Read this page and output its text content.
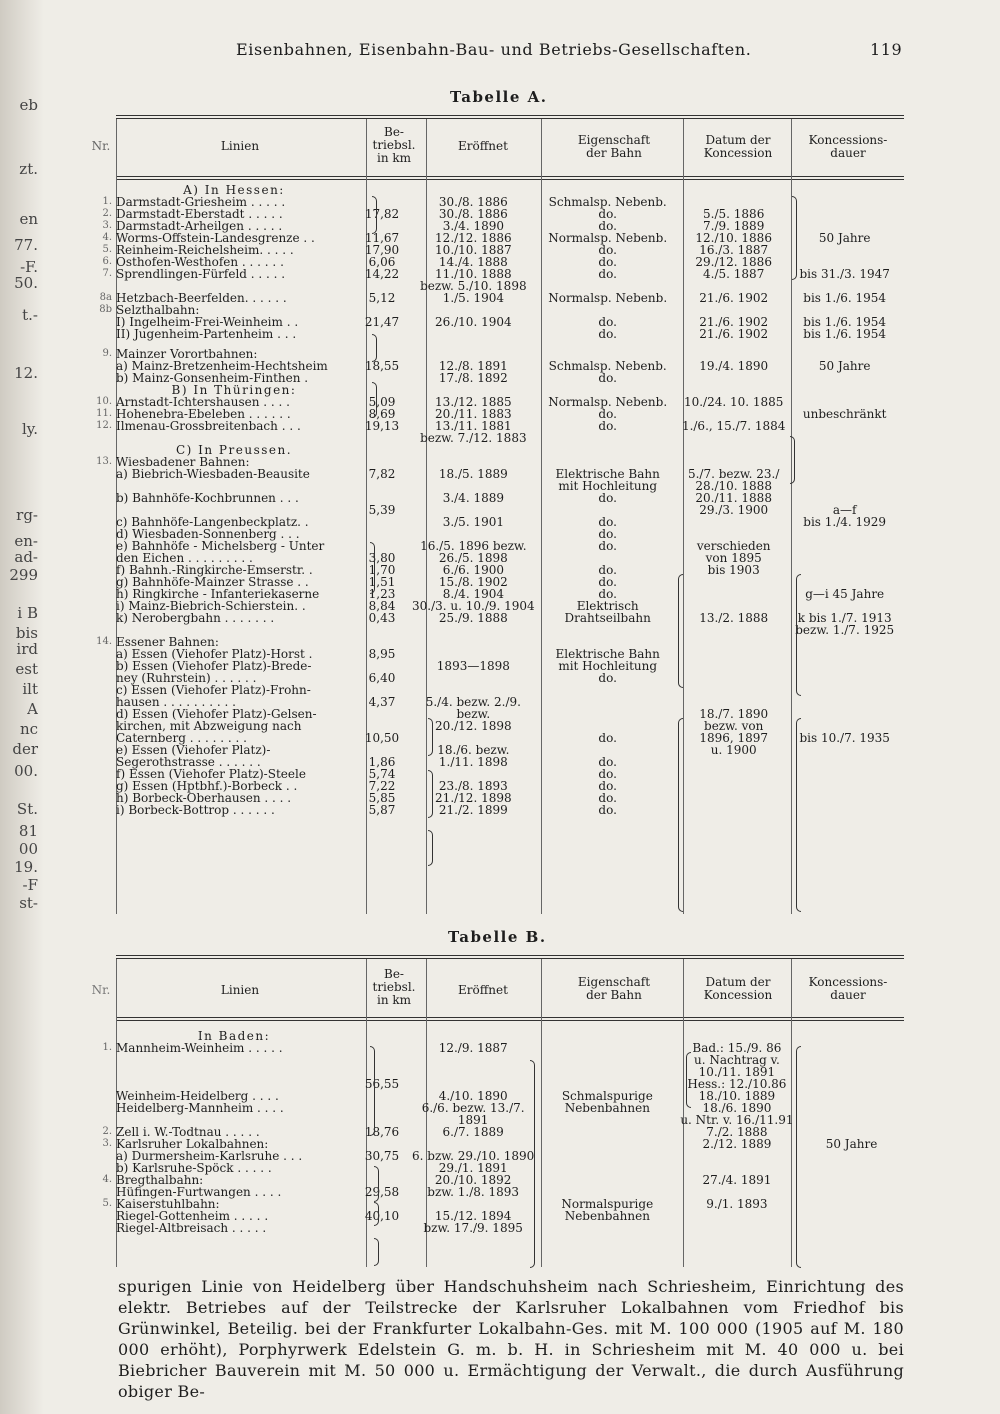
eb
zt.
en
77.
-F.
50.
t.-
12.
ly.
rg-
en-
ad-
299
i B
bis
ird
est
ilt
A
nc
der
00.
St.
81
00
19.
-F
st-
Eisenbahnen, Eisenbahn-Bau- und Betriebs-Gesellschaften.	119
Tabelle A.
Nr.	Linien
Be-
triebsl.
in km
Eröffnet	Eigenschaft
der Bahn
Datum der
Koncession
Koncessions-
dauer
	A) In Hessen:					
1.	Darmstadt-Griesheim . . . . .		30./8. 1886	Schmalsp. Nebenb.		
2.	Darmstadt-Eberstadt . . . . .	17,82	30./8. 1886	do.	5./5. 1886	
3.	Darmstadt-Arheilgen . . . . .		3./4. 1890	do.	7./9. 1889	
4.	Worms-Offstein-Landesgrenze . .	11,67	12./12. 1886	Normalsp. Nebenb.	12./10. 1886	50 Jahre
5.	Reinheim-Reichelsheim. . . . .	17,90	10./10. 1887	do.	16./3. 1887	
6.	Osthofen-Westhofen . . . . . .	6,06	14./4. 1888	do.	29./12. 1886	
7.	Sprendlingen-Fürfeld . . . . .	14,22	11./10. 1888	do.	4./5. 1887	bis 31./3. 1947
			bezw. 5./10. 1898			
8a	Hetzbach-Beerfelden. . . . . .	5,12	1./5. 1904	Normalsp. Nebenb.	21./6. 1902	bis 1./6. 1954
8b	Selzthalbahn:					
	I) Ingelheim-Frei-Weinheim . .	21,47	26./10. 1904	do.	21./6. 1902	bis 1./6. 1954
	II) Jugenheim-Partenheim . . .			do.	21./6. 1902	bis 1./6. 1954

9.	Mainzer Vorortbahnen:					
	a) Mainz-Bretzenheim-Hechtsheim	18,55	12./8. 1891	Schmalsp. Nebenb.	19./4. 1890	50 Jahre
	b) Mainz-Gonsenheim-Finthen .		17./8. 1892	do.		
	B) In Thüringen:					
10.	Arnstadt-Ichtershausen . . . .	5,09	13./12. 1885	Normalsp. Nebenb.	10./24. 10. 1885	
11.	Hohenebra-Ebeleben . . . . . .	8,69	20./11. 1883	do.		unbeschränkt
12.	Ilmenau-Grossbreitenbach . . .	19,13	13./11. 1881	do.	1./6., 15./7. 1884	
			bezw. 7./12. 1883			
	C) In Preussen.					
13.	Wiesbadener Bahnen:					
	a) Biebrich-Wiesbaden-Beausite	7,82	18./5. 1889	Elektrische Bahn	5./7. bezw. 23./	
				mit Hochleitung	28./10. 1888	
	b) Bahnhöfe-Kochbrunnen . . .		3./4. 1889	do.	20./11. 1888	
		5,39			29./3. 1900	a—f
	c) Bahnhöfe-Langenbeckplatz. .		3./5. 1901	do.		bis 1./4. 1929
	d) Wiesbaden-Sonnenberg . . .			do.		
	e) Bahnhöfe - Michelsberg - Unter		16./5. 1896 bezw.	do.	verschieden	
	den Eichen . . . . . . . . .	3,80	26./5. 1898		von 1895	
	f) Bahnh.-Ringkirche-Emserstr. .	1,70	6./6. 1900	do.	bis 1903	
	g) Bahnhöfe-Mainzer Strasse . .	1,51	15./8. 1902	do.		
	h) Ringkirche - Infanteriekaserne	1,23	8./4. 1904	do.		g—i 45 Jahre
	i) Mainz-Biebrich-Schierstein. .	8,84	30./3. u. 10./9. 1904	Elektrisch		
	k) Nerobergbahn . . . . . . .	0,43	25./9. 1888	Drahtseilbahn	13./2. 1888	k bis 1./7. 1913
						bezw. 1./7. 1925
14.	Essener Bahnen:					
	a) Essen (Viehofer Platz)-Horst .	8,95		Elektrische Bahn		
	b) Essen (Viehofer Platz)-Brede-		1893—1898	mit Hochleitung		
	ney (Ruhrstein) . . . . . .	6,40		do.		
	c) Essen (Viehofer Platz)-Frohn-					
	hausen . . . . . . . . . .	4,37	5./4. bezw. 2./9.			
	d) Essen (Viehofer Platz)-Gelsen-		bezw.		18./7. 1890	
	kirchen, mit Abzweigung nach		20./12. 1898		bezw. von	
	Caternberg . . . . . . . .	10,50		do.	1896, 1897	bis 10./7. 1935
	e) Essen (Viehofer Platz)-		18./6. bezw.		u. 1900	
	Segerothstrasse . . . . . .	1,86	1./11. 1898	do.		
	f) Essen (Viehofer Platz)-Steele	5,74		do.		
	g) Essen (Hptbhf.)-Borbeck . .	7,22	23./8. 1893	do.		
	h) Borbeck-Oberhausen . . . .	5,85	21./12. 1898	do.		
	i) Borbeck-Bottrop . . . . . .	5,87	21./2. 1899	do.		
Tabelle B.
Nr.	Linien
Be-
triebsl.
in km
Eröffnet
Eigenschaft
der Bahn
Datum der
Koncession
Koncessions-
dauer
	In Baden:					
1.	Mannheim-Weinheim . . . . .		12./9. 1887		Bad.: 15./9. 86	
					u. Nachtrag v.	
					10./11. 1891	
		56,55			Hess.: 12./10.86	
	Weinheim-Heidelberg . . . .		4./10. 1890	Schmalspurige	18./10. 1889	
	Heidelberg-Mannheim . . . .		6./6. bezw. 13./7.	Nebenbahnen	18./6. 1890	
			1891		u. Ntr. v. 16./11.91	
2.	Zell i. W.-Todtnau . . . . .	18,76	6./7. 1889		7./2. 1888	
3.	Karlsruher Lokalbahnen:				2./12. 1889	50 Jahre
	a) Durmersheim-Karlsruhe . . .	30,75	6. bzw. 29./10. 1890			
	b) Karlsruhe-Spöck . . . . .		29./1. 1891			
4.	Bregthalbahn:		20./10. 1892		27./4. 1891	
	Hüfingen-Furtwangen . . . .	29,58	bzw. 1./8. 1893			
5.	Kaiserstuhlbahn:			Normalspurige	9./1. 1893	
	Riegel-Gottenheim . . . . .	40,10	15./12. 1894	Nebenbahnen		
	Riegel-Altbreisach . . . . .		bzw. 17./9. 1895			
spurigen Linie von Heidelberg über Handschuhsheim nach Schriesheim, Einrichtung des elektr. Betriebes auf der Teilstrecke der Karlsruher Lokalbahnen vom Friedhof bis Grünwinkel, Beteilig. bei der Frankfurter Lokalbahn-Ges. mit M. 100 000 (1905 auf M. 180 000 erhöht), Porphyrwerk Edelstein G. m. b. H. in Schriesheim mit M. 40 000 u. bei Biebricher Bauverein mit M. 50 000 u. Ermächtigung der Verwalt., die durch Ausführung obiger Be-
